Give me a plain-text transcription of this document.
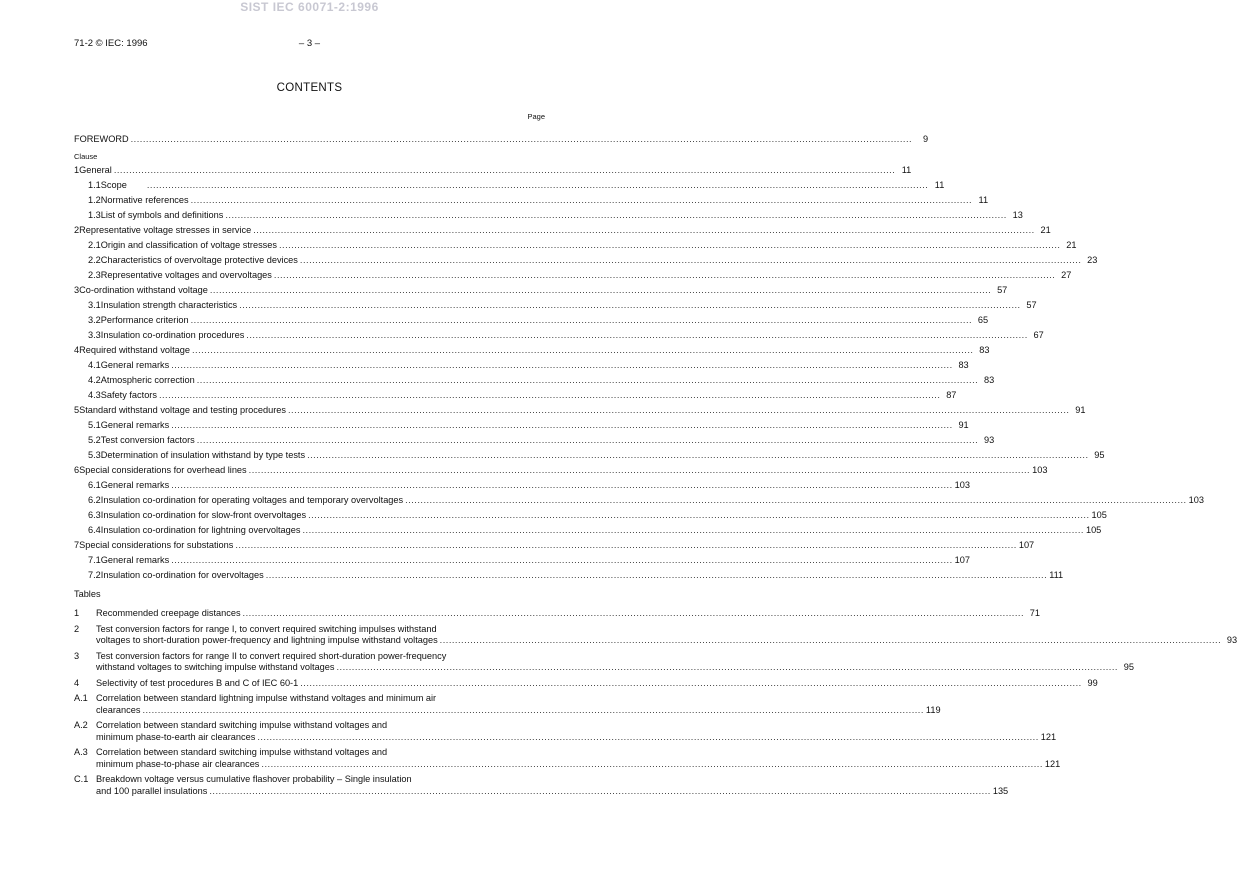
SIST IEC 60071-2:1996
71-2 © IEC: 1996	– 3 –
CONTENTS
Page
FOREWORD .....	9
Clause
1 General .....	11
1.1 Scope .....	11
1.2 Normative references .....	11
1.3 List of symbols and definitions .....	13
2 Representative voltage stresses in service .....	21
2.1 Origin and classification of voltage stresses .....	21
2.2 Characteristics of overvoltage protective devices .....	23
2.3 Representative voltages and overvoltages .....	27
3 Co-ordination withstand voltage .....	57
3.1 Insulation strength characteristics .....	57
3.2 Performance criterion .....	65
3.3 Insulation co-ordination procedures .....	67
4 Required withstand voltage .....	83
4.1 General remarks .....	83
4.2 Atmospheric correction .....	83
4.3 Safety factors .....	87
5 Standard withstand voltage and testing procedures .....	91
5.1 General remarks .....	91
5.2 Test conversion factors .....	93
5.3 Determination of insulation withstand by type tests .....	95
6 Special considerations for overhead lines .....	103
6.1 General remarks .....	103
6.2 Insulation co-ordination for operating voltages and temporary overvoltages .....	103
6.3 Insulation co-ordination for slow-front overvoltages .....	105
6.4 Insulation co-ordination for lightning overvoltages .....	105
7 Special considerations for substations .....	107
7.1 General remarks .....	107
7.2 Insulation co-ordination for overvoltages .....	111
Tables
1	Recommended creepage distances .....	71
2	Test conversion factors for range I, to convert required switching impulses withstand
voltages to short-duration power-frequency and lightning impulse withstand voltages .....	93
3	Test conversion factors for range II to convert required short-duration power-frequency
withstand voltages to switching impulse withstand voltages .....	95
4	Selectivity of test procedures B and C of IEC 60-1 .....	99
A.1 Correlation between standard lightning impulse withstand voltages and minimum air
clearances .....	119
A.2 Correlation between standard switching impulse withstand voltages and
minimum phase-to-earth air clearances .....	121
A.3 Correlation between standard switching impulse withstand voltages and
minimum phase-to-phase air clearances .....	121
C.1 Breakdown voltage versus cumulative flashover probability – Single insulation
and 100 parallel insulations .....	135
